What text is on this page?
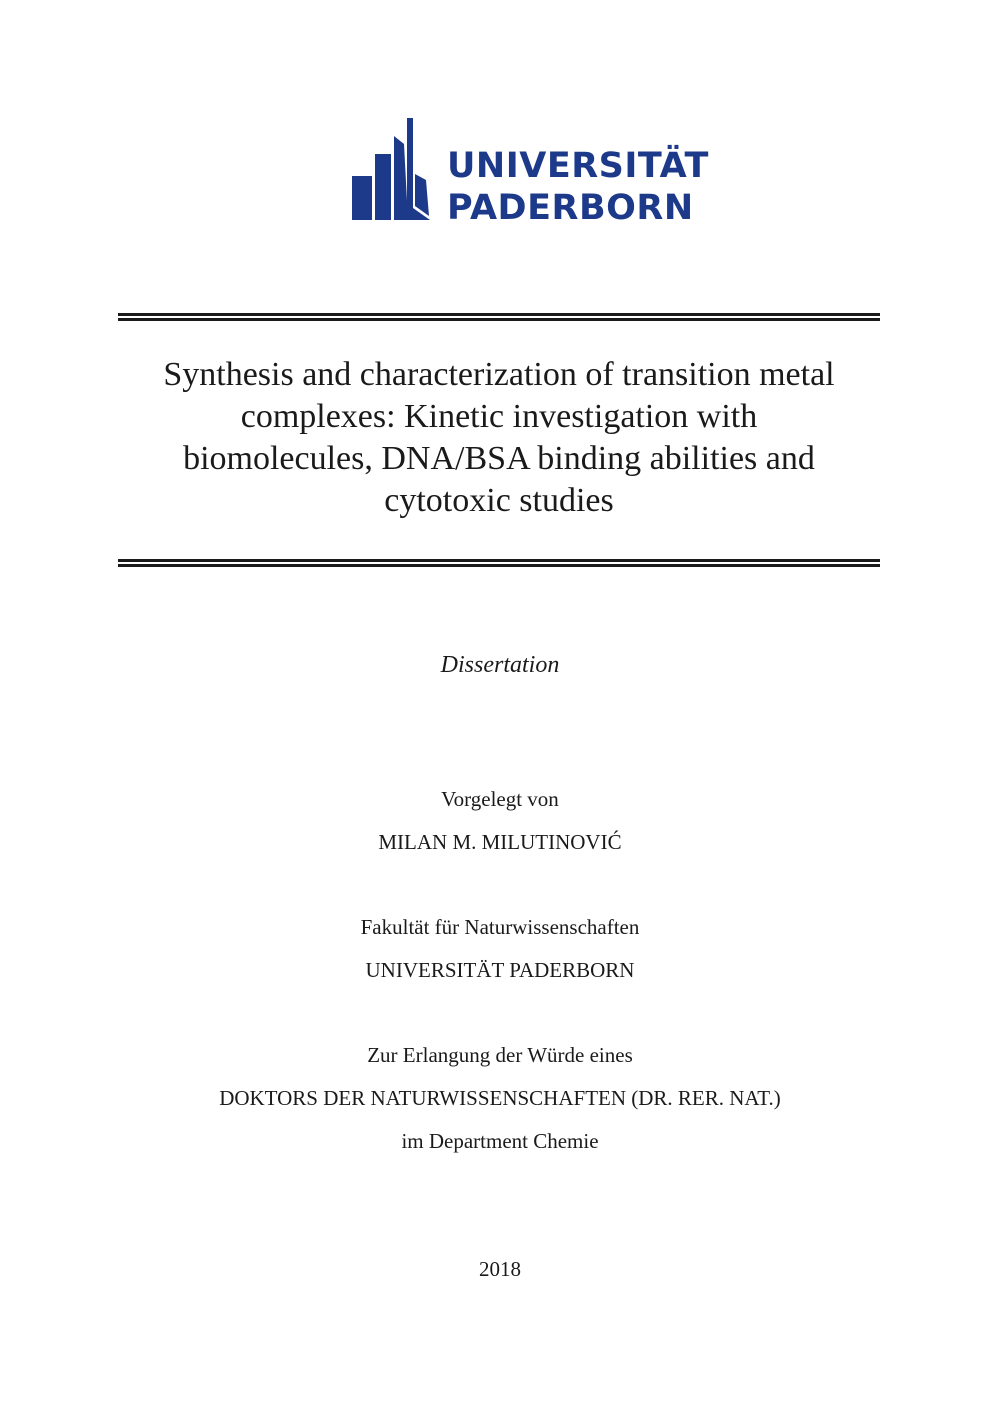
UNIVERSITÄT
PADERBORN
Synthesis and characterization of transition metal
complexes: Kinetic investigation with
biomolecules, DNA/BSA binding abilities and
cytotoxic studies
Dissertation
Vorgelegt von
MILAN M. MILUTINOVIĆ
Fakultät für Naturwissenschaften
UNIVERSITÄT PADERBORN
Zur Erlangung der Würde eines
DOKTORS DER NATURWISSENSCHAFTEN (DR. RER. NAT.)
im Department Chemie
2018
